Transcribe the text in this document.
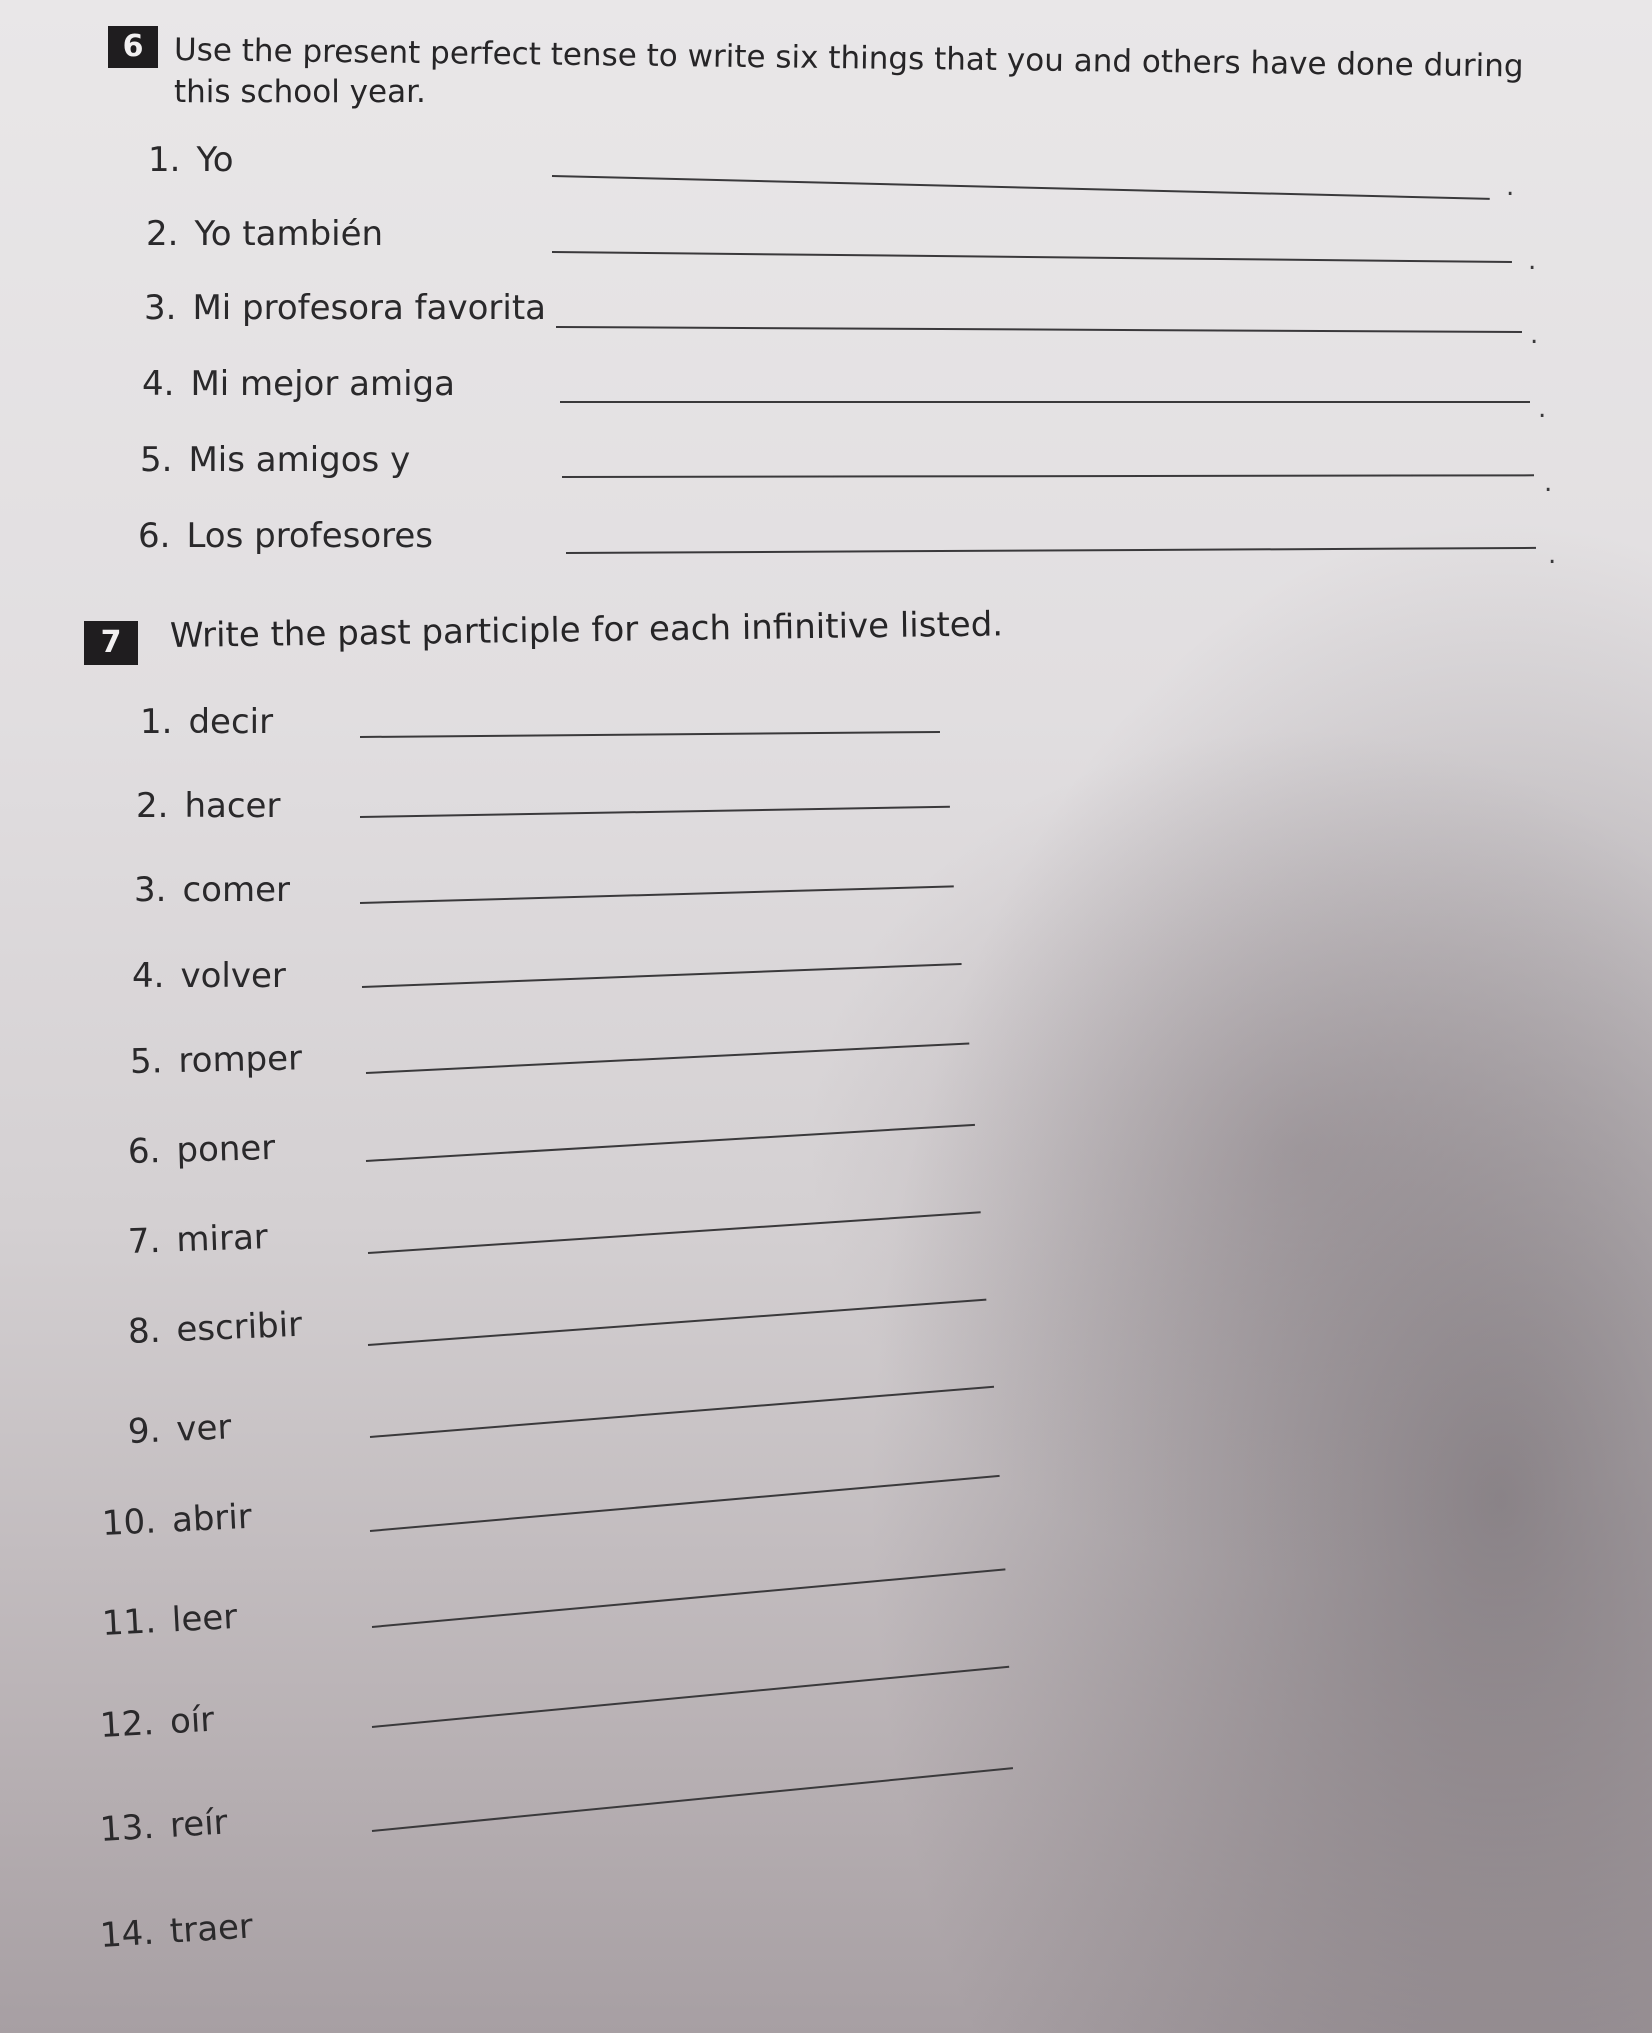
6 Use the present perfect tense to write six things that you and others have done during
this school year.
1. Yo
.
2. Yo también
.
3. Mi profesora favorita
.
4. Mi mejor amiga
.
5. Mis amigos y
.
6. Los profesores	.
7	Write the past participle for each infinitive listed.
1. decir
2. hacer
3. comer
4. volver
5. romper
6. poner
7. mirar
8. escribir
9. ver
10. abrir
11. leer
12. oír
13. reír
14. traer
